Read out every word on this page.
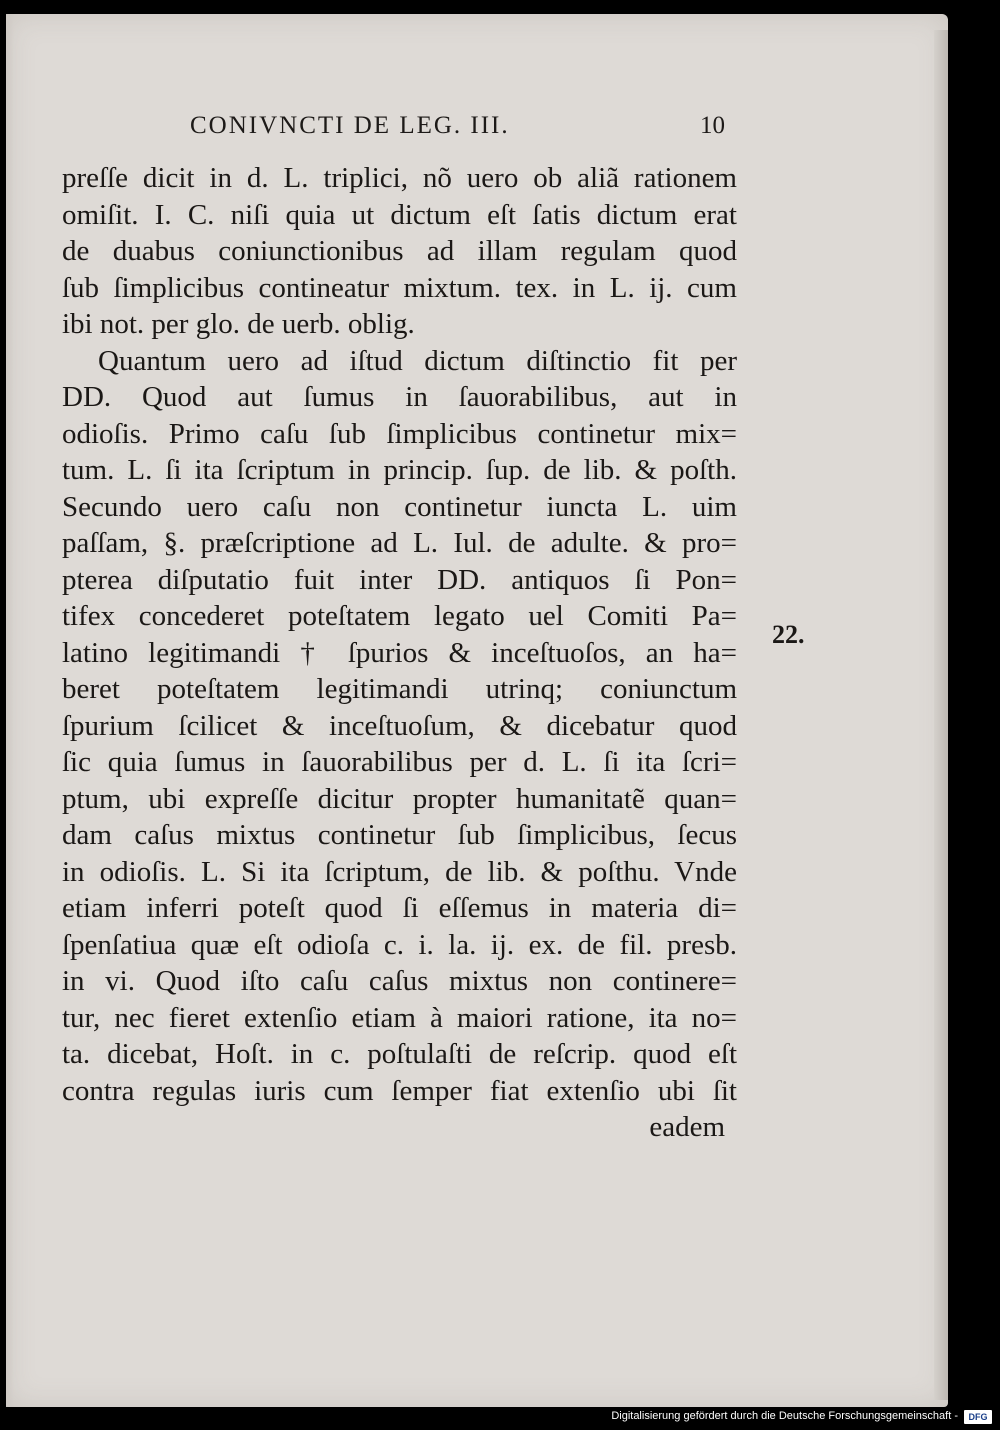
CONIVNCTI DE LEG. III.	10
preſſe dicit in d. L. triplici, nõ uero ob aliã rationem
omiſit. I. C. niſi quia ut dictum eſt ſatis dictum erat
de duabus coniunctionibus ad illam regulam quod
ſub ſimplicibus contineatur mixtum. tex. in L. ij. cum
ibi not. per glo. de uerb. oblig.
Quantum uero ad iſtud dictum diſtinctio fit per
DD. Quod aut ſumus in ſauorabilibus, aut in
odioſis. Primo caſu ſub ſimplicibus continetur mix=
tum. L. ſi ita ſcriptum in princip. ſup. de lib. & poſth.
Secundo uero caſu non continetur iuncta L. uim
paſſam, §. præſcriptione ad L. Iul. de adulte. & pro=
pterea diſputatio fuit inter DD. antiquos ſi Pon=
tifex concederet poteſtatem legato uel Comiti Pa=
latino legitimandi † ſpurios & inceſtuoſos, an ha=
beret poteſtatem legitimandi utrinq; coniunctum
ſpurium ſcilicet & inceſtuoſum, & dicebatur quod
ſic quia ſumus in ſauorabilibus per d. L. ſi ita ſcri=
ptum, ubi expreſſe dicitur propter humanitatẽ quan=
dam caſus mixtus continetur ſub ſimplicibus, ſecus
in odioſis. L. Si ita ſcriptum, de lib. & poſthu. Vnde
etiam inferri poteſt quod ſi eſſemus in materia di=
ſpenſatiua quæ eſt odioſa c. i. la. ij. ex. de fil. presb.
in vi. Quod iſto caſu caſus mixtus non continere=
tur, nec fieret extenſio etiam à maiori ratione, ita no=
ta. dicebat, Hoſt. in c. poſtulaſti de reſcrip. quod eſt
contra regulas iuris cum ſemper fiat extenſio ubi ſit
eadem
22.
Digitalisierung gefördert durch die Deutsche Forschungsgemeinschaft -	DFG
